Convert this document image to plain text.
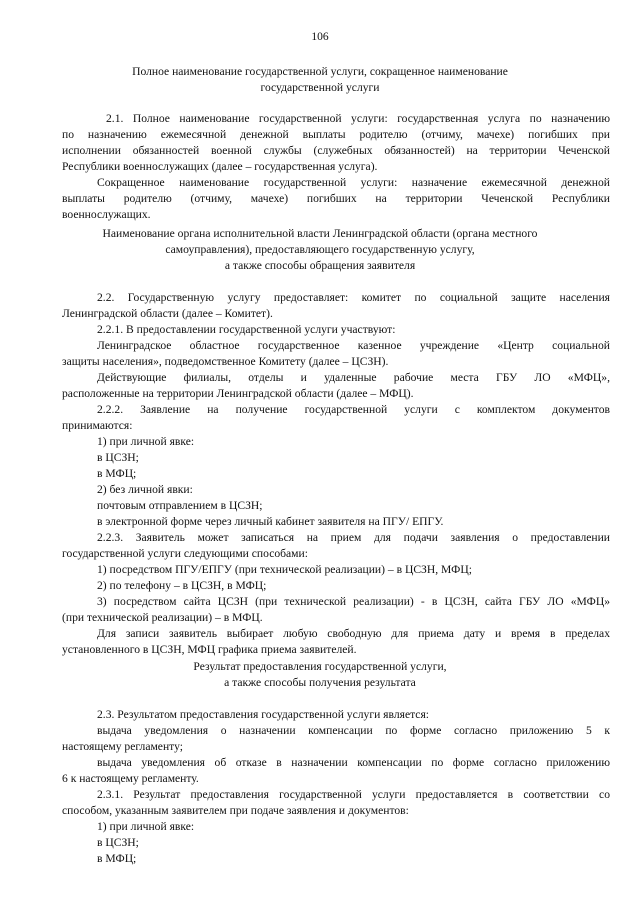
106
Полное наименование государственной услуги, сокращенное наименование
государственной услуги
2.1. Полное наименование государственной услуги: государственная услуга по назначению
по назначению ежемесячной денежной выплаты родителю (отчиму, мачехе) погибших при
исполнении обязанностей военной службы (служебных обязанностей) на территории Чеченской
Республики военнослужащих (далее – государственная услуга).
Сокращенное наименование государственной услуги: назначение ежемесячной денежной
выплаты родителю (отчиму, мачехе) погибших на территории Чеченской Республики
военнослужащих.
Наименование органа исполнительной власти Ленинградской области (органа местного
самоуправления), предоставляющего государственную услугу,
а также способы обращения заявителя
2.2. Государственную услугу предоставляет: комитет по социальной защите населения
Ленинградской области (далее – Комитет).
2.2.1. В предоставлении государственной услуги участвуют:
Ленинградское областное государственное казенное учреждение «Центр социальной
защиты населения», подведомственное Комитету (далее – ЦСЗН).
Действующие филиалы, отделы и удаленные рабочие места ГБУ ЛО «МФЦ»,
расположенные на территории Ленинградской области (далее – МФЦ).
2.2.2. Заявление на получение государственной услуги с комплектом документов
принимаются:
1) при личной явке:
в ЦСЗН;
в МФЦ;
2) без личной явки:
почтовым отправлением в ЦСЗН;
в электронной форме через личный кабинет заявителя на ПГУ/ ЕПГУ.
2.2.3. Заявитель может записаться на прием для подачи заявления о предоставлении
государственной услуги следующими способами:
1) посредством ПГУ/ЕПГУ (при технической реализации) – в ЦСЗН, МФЦ;
2) по телефону – в ЦСЗН, в МФЦ;
3) посредством сайта ЦСЗН (при технической реализации) - в ЦСЗН, сайта ГБУ ЛО «МФЦ»
(при технической реализации) – в МФЦ.
Для записи заявитель выбирает любую свободную для приема дату и время в пределах
установленного в ЦСЗН, МФЦ графика приема заявителей.
Результат предоставления государственной услуги,
а также способы получения результата
2.3. Результатом предоставления государственной услуги является:
выдача уведомления о назначении компенсации по форме согласно приложению 5 к
настоящему регламенту;
выдача уведомления об отказе в назначении компенсации по форме согласно приложению
6 к настоящему регламенту.
2.3.1. Результат предоставления государственной услуги предоставляется в соответствии со
способом, указанным заявителем при подаче заявления и документов:
1) при личной явке:
в ЦСЗН;
в МФЦ;
